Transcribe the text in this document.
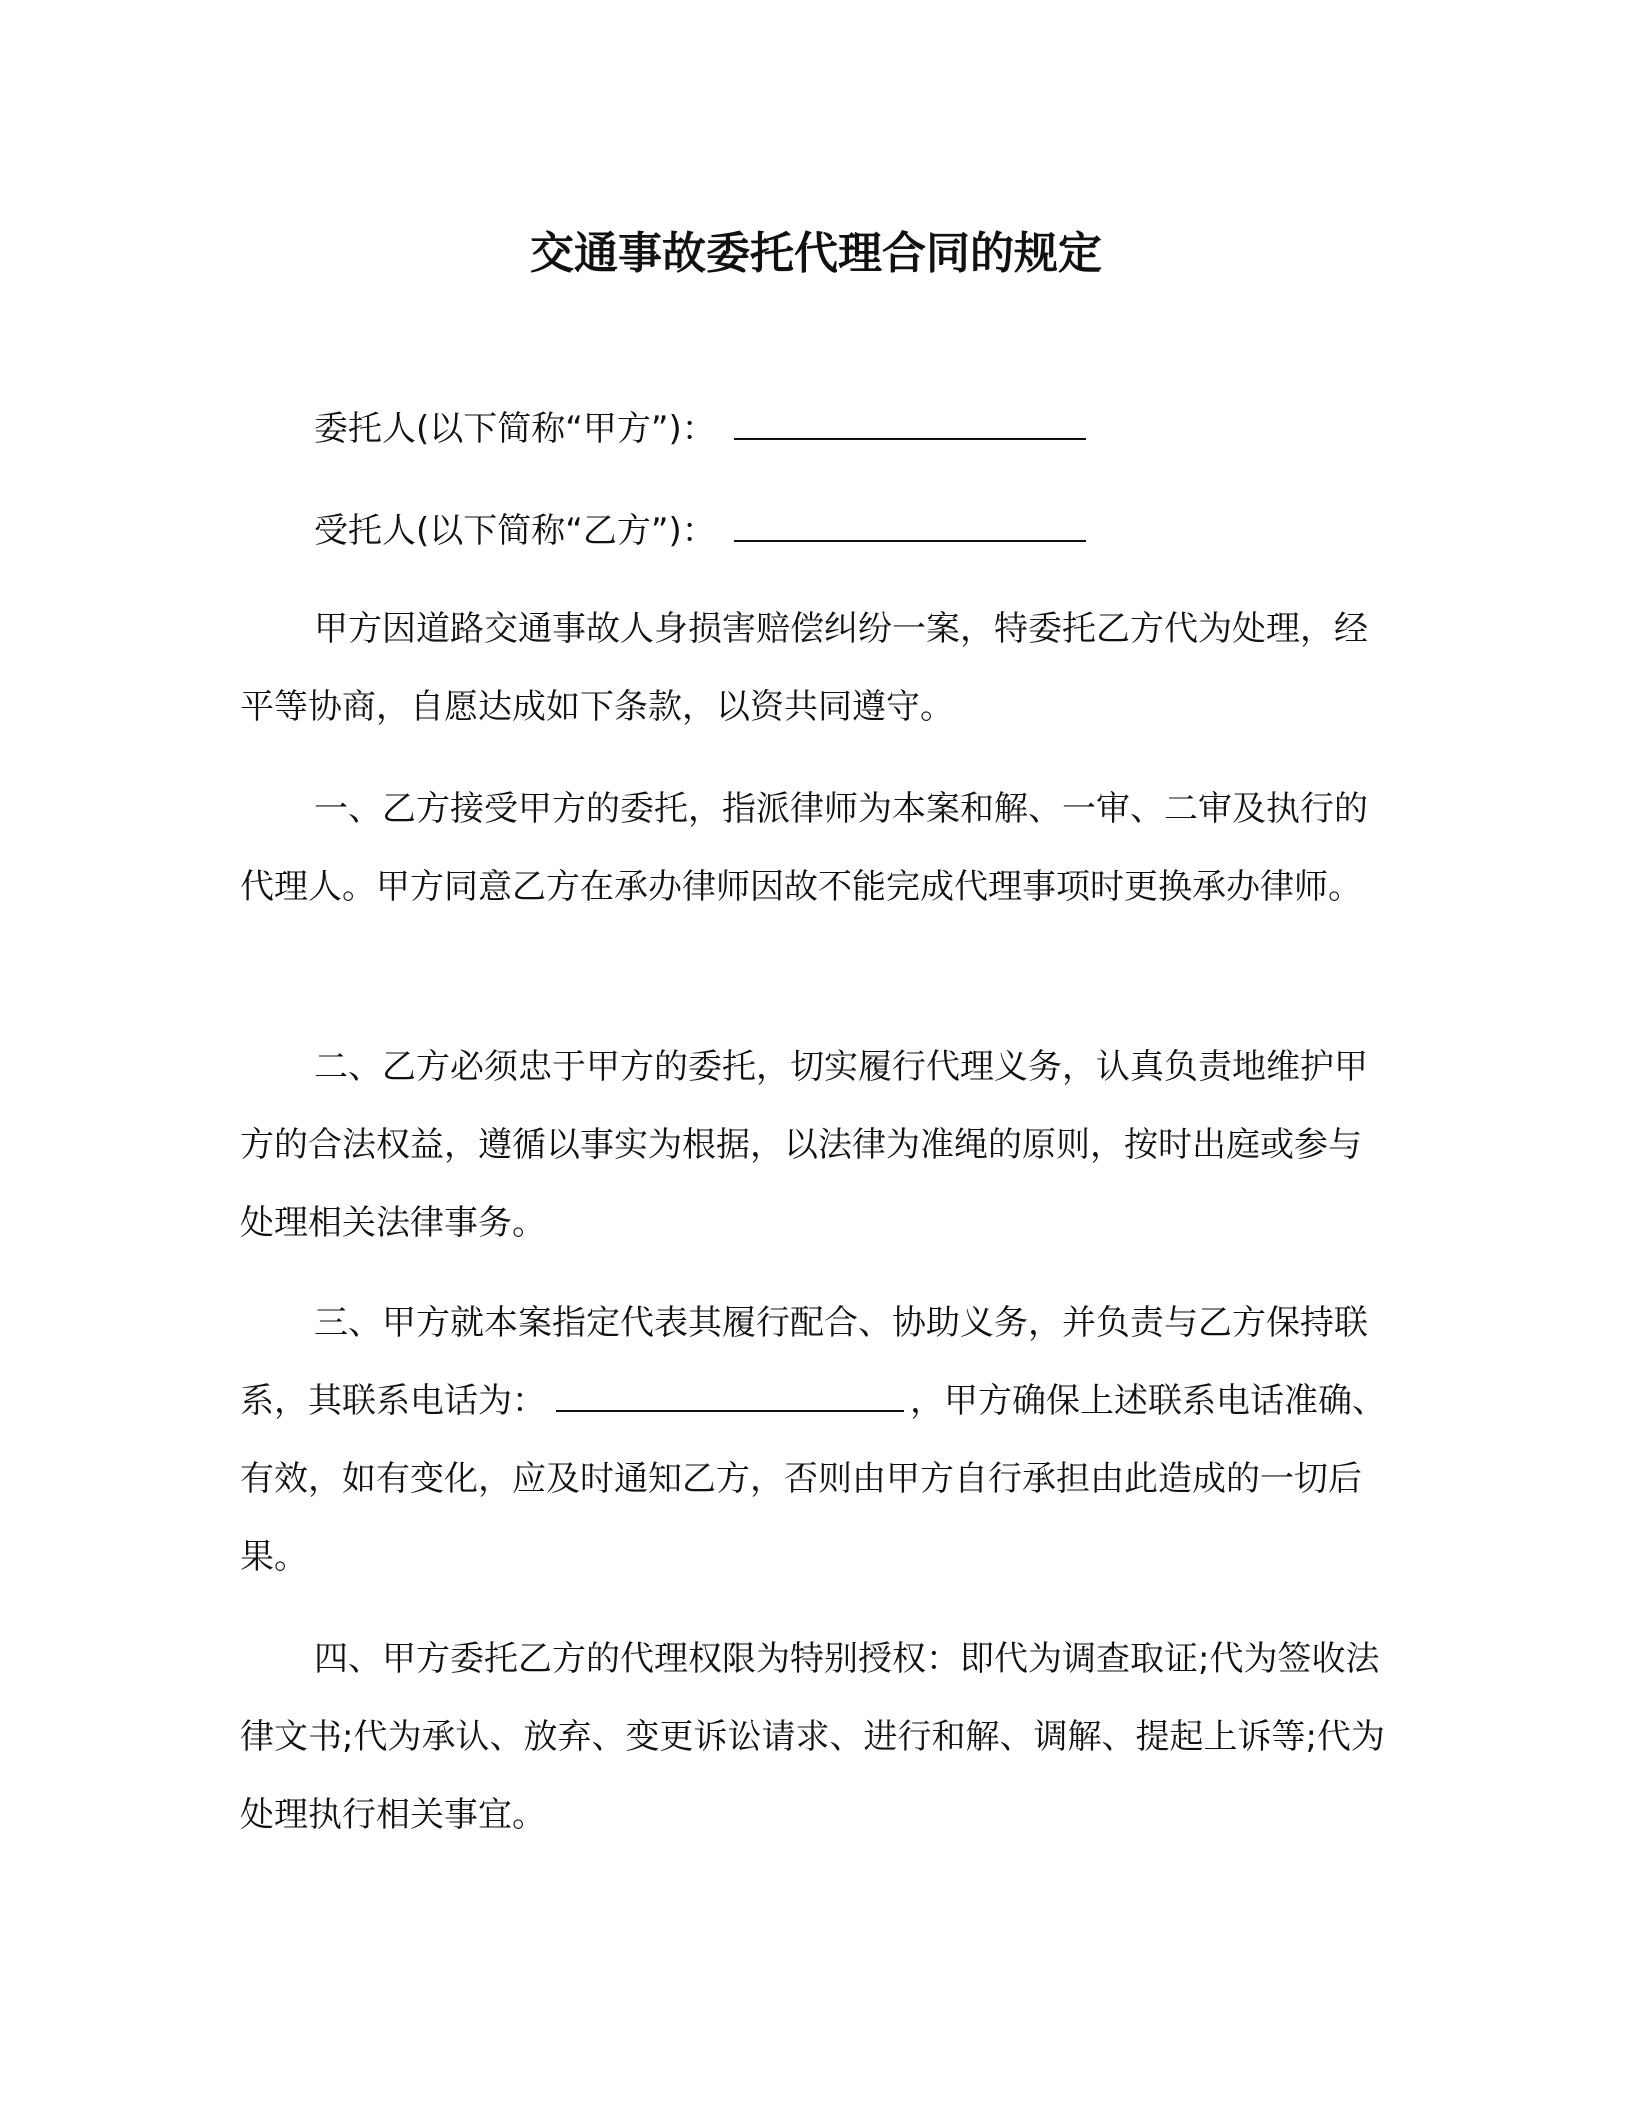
交通事故委托代理合同的规定

委托人(以下简称“甲方”)：

受托人(以下简称“乙方”)：

甲方因道路交通事故人身损害赔偿纠纷一案，特委托乙方代为处理，经平等协商，自愿达成如下条款，以资共同遵守。

一、乙方接受甲方的委托，指派律师为本案和解、一审、二审及执行的代理人。甲方同意乙方在承办律师因故不能完成代理事项时更换承办律师。

二、乙方必须忠于甲方的委托，切实履行代理义务，认真负责地维护甲方的合法权益，遵循以事实为根据，以法律为准绳的原则，按时出庭或参与处理相关法律事务。

三、甲方就本案指定代表其履行配合、协助义务，并负责与乙方保持联系，其联系电话为：	，甲方确保上述联系电话准确、有效，如有变化，应及时通知乙方，否则由甲方自行承担由此造成的一切后果。

四、甲方委托乙方的代理权限为特别授权：即代为调查取证;代为签收法律文书;代为承认、放弃、变更诉讼请求、进行和解、调解、提起上诉等;代为处理执行相关事宜。
